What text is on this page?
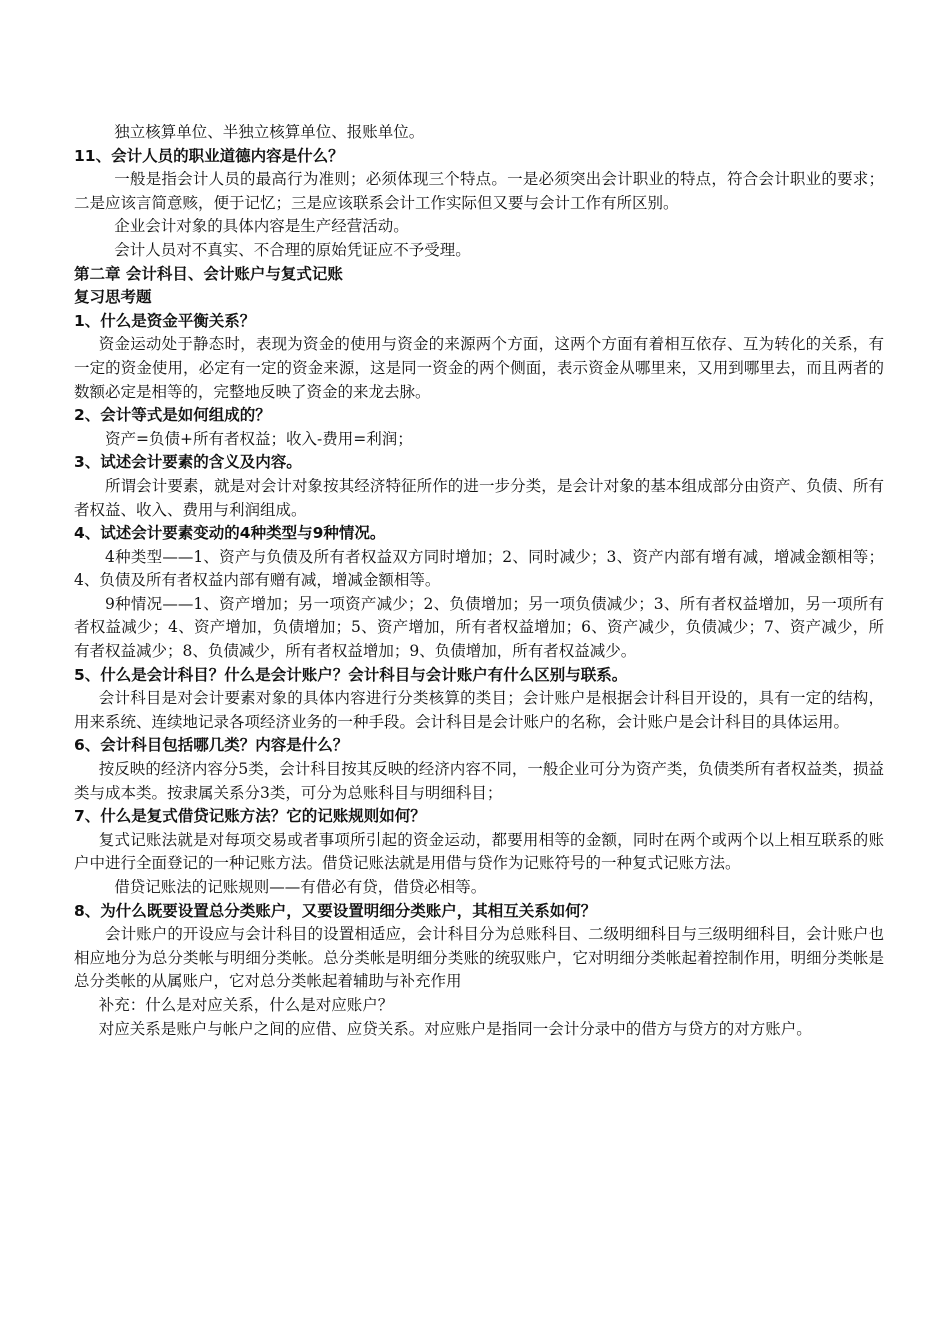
独立核算单位、半独立核算单位、报账单位。

11、会计人员的职业道德内容是什么？

一般是指会计人员的最高行为准则；必须体现三个特点。一是必须突出会计职业的特点，符合会计职业的要求；二是应该言简意赅，便于记忆；三是应该联系会计工作实际但又要与会计工作有所区别。

企业会计对象的具体内容是生产经营活动。

会计人员对不真实、不合理的原始凭证应不予受理。

第二章 会计科目、会计账户与复式记账

复习思考题

1、什么是资金平衡关系？

资金运动处于静态时，表现为资金的使用与资金的来源两个方面，这两个方面有着相互依存、互为转化的关系，有一定的资金使用，必定有一定的资金来源，这是同一资金的两个侧面，表示资金从哪里来，又用到哪里去，而且两者的数额必定是相等的，完整地反映了资金的来龙去脉。

2、会计等式是如何组成的？

资产=负债+所有者权益；收入-费用=利润；

3、试述会计要素的含义及内容。

所谓会计要素，就是对会计对象按其经济特征所作的进一步分类，是会计对象的基本组成部分由资产、负债、所有者权益、收入、费用与利润组成。

4、试述会计要素变动的4种类型与9种情况。

4种类型——1、资产与负债及所有者权益双方同时增加；2、同时减少；3、资产内部有增有减，增减金额相等；4、负债及所有者权益内部有赠有减，增减金额相等。

9种情况——1、资产增加；另一项资产减少；2、负债增加；另一项负债减少；3、所有者权益增加，另一项所有者权益减少；4、资产增加，负债增加；5、资产增加，所有者权益增加；6、资产减少，负债减少；7、资产减少，所有者权益减少；8、负债减少，所有者权益增加；9、负债增加，所有者权益减少。

5、什么是会计科目？什么是会计账户？会计科目与会计账户有什么区别与联系。

会计科目是对会计要素对象的具体内容进行分类核算的类目；会计账户是根据会计科目开设的，具有一定的结构，用来系统、连续地记录各项经济业务的一种手段。会计科目是会计账户的名称，会计账户是会计科目的具体运用。

6、会计科目包括哪几类？内容是什么？

按反映的经济内容分5类，会计科目按其反映的经济内容不同，一般企业可分为资产类，负债类所有者权益类，损益类与成本类。按隶属关系分3类，可分为总账科目与明细科目；

7、什么是复式借贷记账方法？它的记账规则如何？

复式记账法就是对每项交易或者事项所引起的资金运动，都要用相等的金额，同时在两个或两个以上相互联系的账户中进行全面登记的一种记账方法。借贷记账法就是用借与贷作为记账符号的一种复式记账方法。

借贷记账法的记账规则——有借必有贷，借贷必相等。

8、为什么既要设置总分类账户，又要设置明细分类账户，其相互关系如何？

会计账户的开设应与会计科目的设置相适应，会计科目分为总账科目、二级明细科目与三级明细科目，会计账户也相应地分为总分类帐与明细分类帐。总分类帐是明细分类账的统驭账户，它对明细分类帐起着控制作用，明细分类帐是总分类帐的从属账户，它对总分类帐起着辅助与补充作用

补充：什么是对应关系，什么是对应账户？

对应关系是账户与帐户之间的应借、应贷关系。对应账户是指同一会计分录中的借方与贷方的对方账户。
